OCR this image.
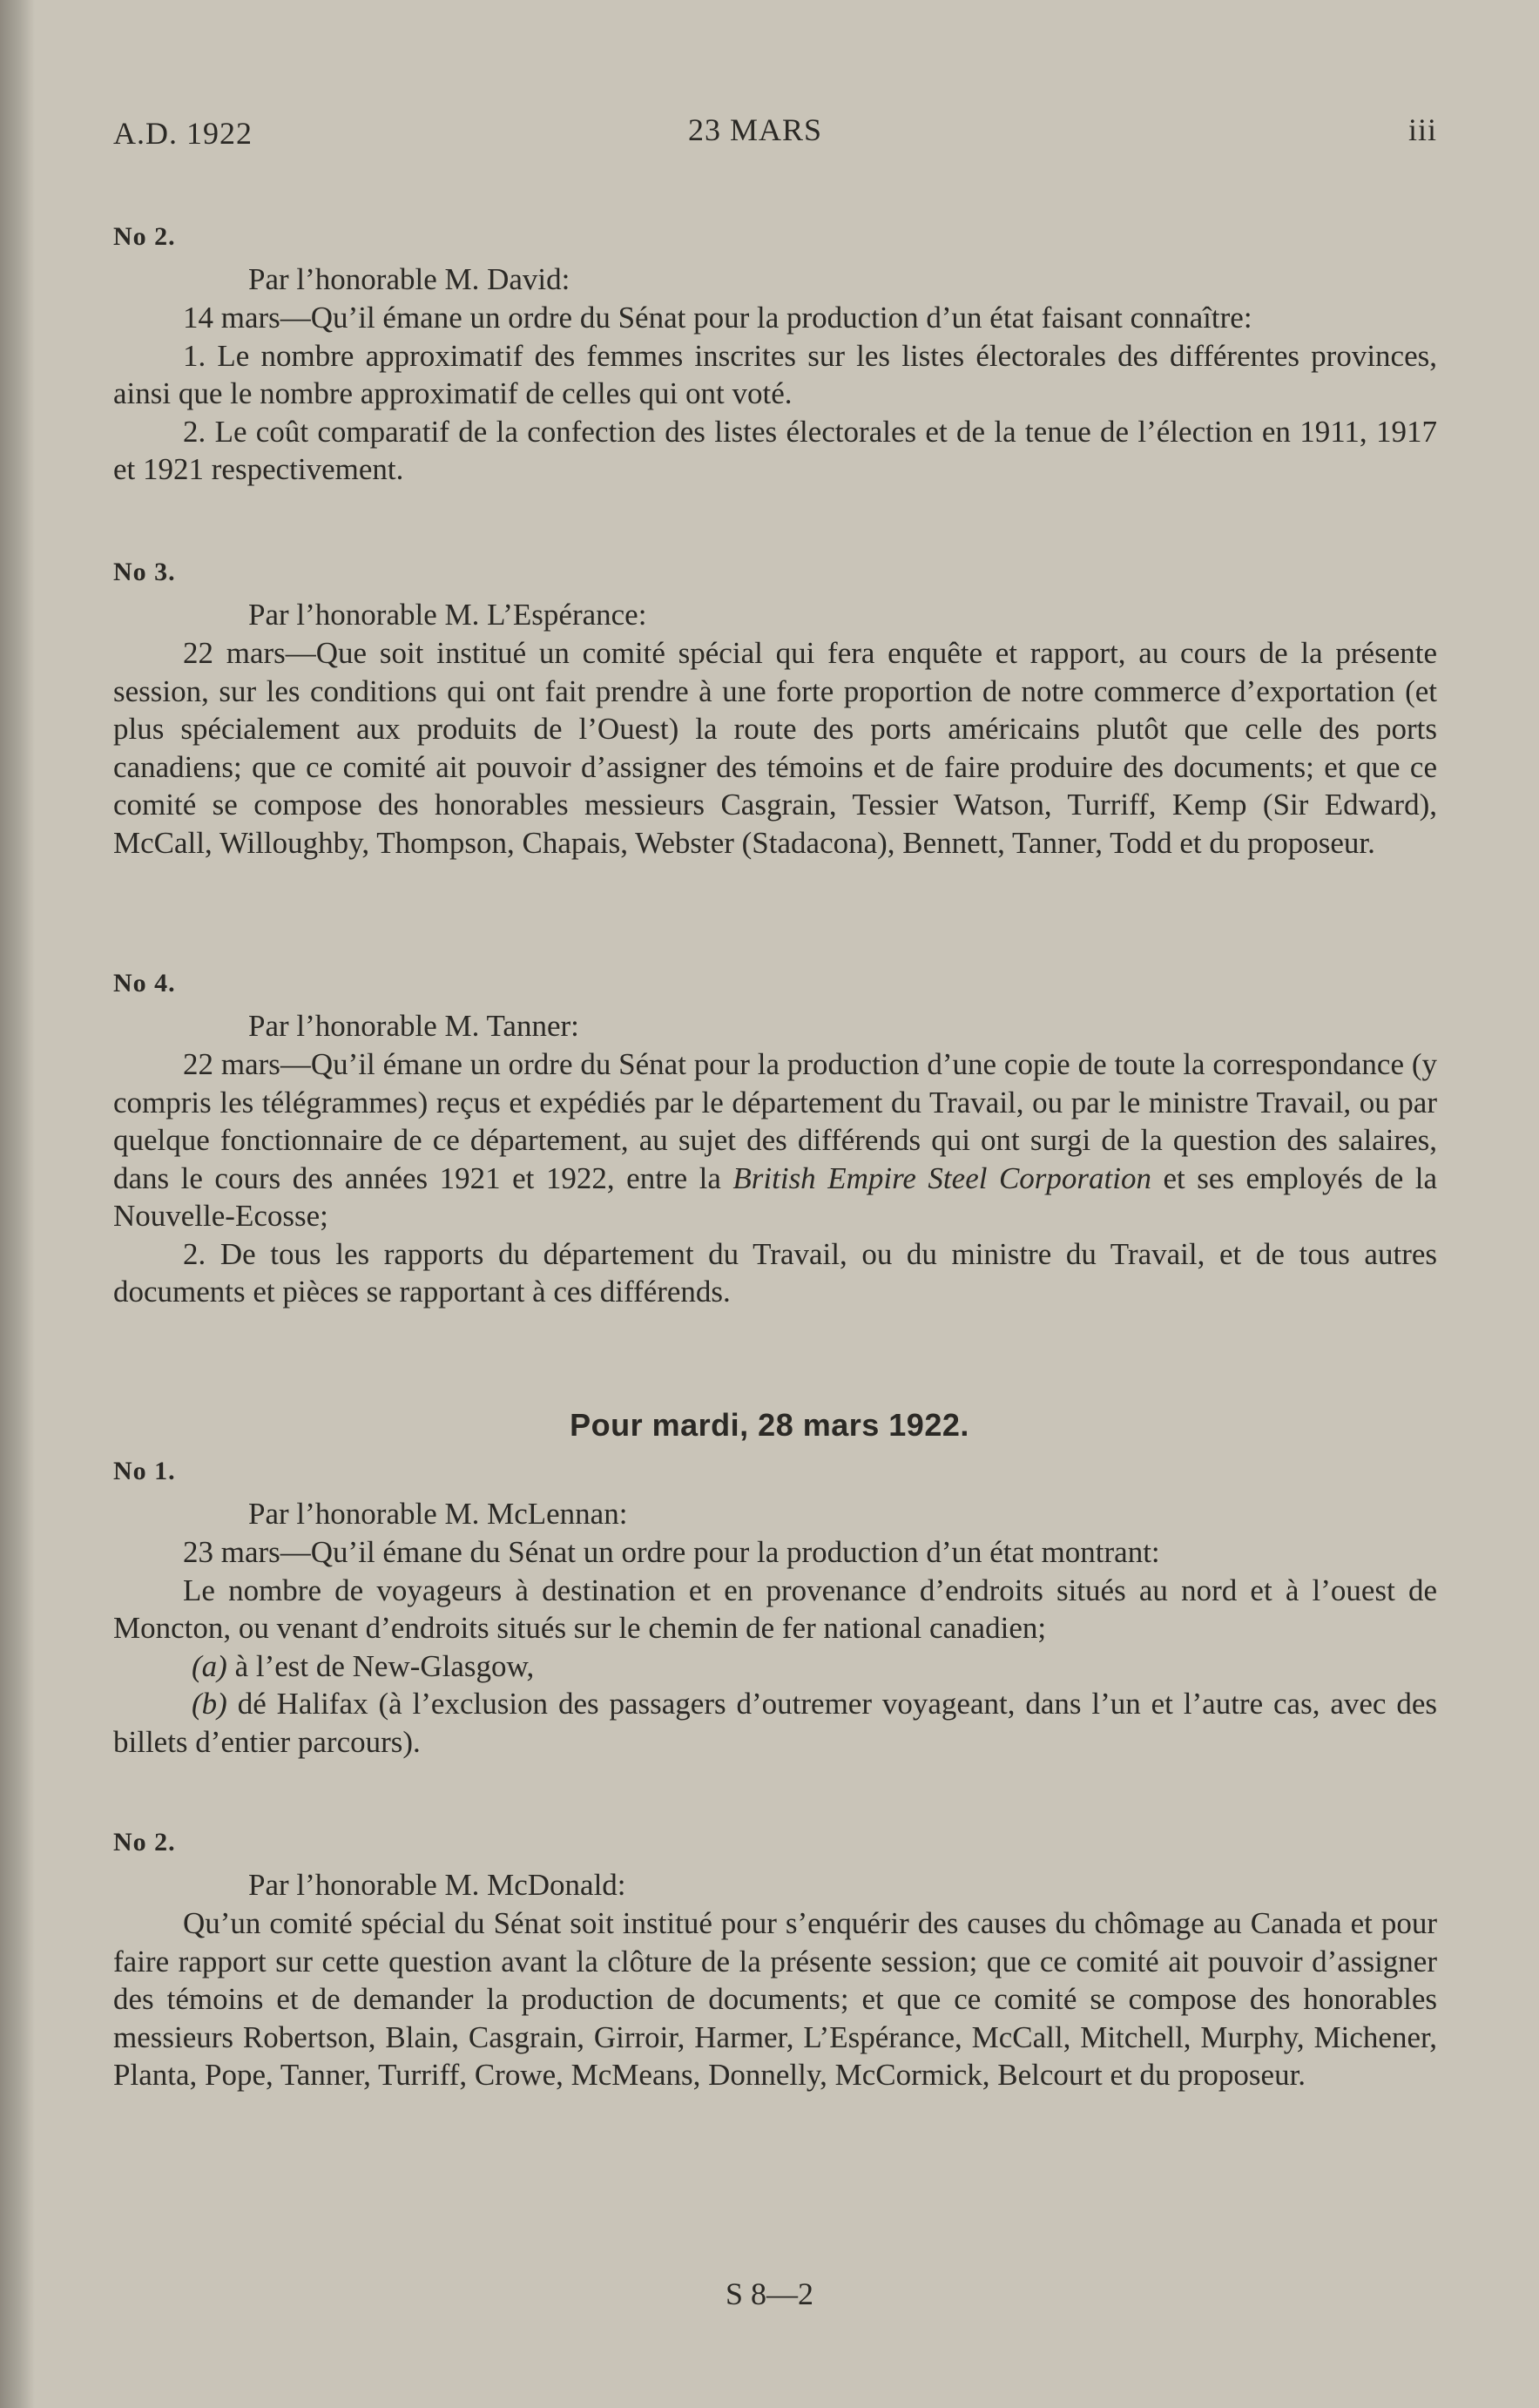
A.D. 1922	23 MARS	iii
No 2.
Par l’honorable M. David:

14 mars—Qu’il émane un ordre du Sénat pour la production d’un état faisant connaître:

1. Le nombre approximatif des femmes inscrites sur les listes électorales des différentes provinces, ainsi que le nombre approximatif de celles qui ont voté.

2. Le coût comparatif de la confection des listes électorales et de la tenue de l’élection en 1911, 1917 et 1921 respectivement.

No 3.
Par l’honorable M. L’Espérance:

22 mars—Que soit institué un comité spécial qui fera enquête et rapport, au cours de la présente session, sur les conditions qui ont fait prendre à une forte proportion de notre commerce d’exportation (et plus spécialement aux produits de l’Ouest) la route des ports américains plutôt que celle des ports canadiens; que ce comité ait pouvoir d’assigner des témoins et de faire produire des documents; et que ce comité se compose des honorables messieurs Casgrain, Tessier Watson, Turriff, Kemp (Sir Edward), McCall, Willoughby, Thompson, Chapais, Webster (Stadacona), Bennett, Tanner, Todd et du proposeur.

No 4.
Par l’honorable M. Tanner:

22 mars—Qu’il émane un ordre du Sénat pour la production d’une copie de toute la correspondance (y compris les télégrammes) reçus et expédiés par le département du Travail, ou par le ministre Travail, ou par quelque fonctionnaire de ce département, au sujet des différends qui ont surgi de la question des salaires, dans le cours des années 1921 et 1922, entre la British Empire Steel Corporation et ses employés de la Nouvelle-Ecosse;

2. De tous les rapports du département du Travail, ou du ministre du Travail, et de tous autres documents et pièces se rapportant à ces différends.

Pour mardi, 28 mars 1922.
No 1.
Par l’honorable M. McLennan:

23 mars—Qu’il émane du Sénat un ordre pour la production d’un état montrant:

Le nombre de voyageurs à destination et en provenance d’endroits situés au nord et à l’ouest de Moncton, ou venant d’endroits situés sur le chemin de fer national canadien;

(a) à l’est de New-Glasgow,

(b) dé Halifax (à l’exclusion des passagers d’outremer voyageant, dans l’un et l’autre cas, avec des billets d’entier parcours).

No 2.
Par l’honorable M. McDonald:

Qu’un comité spécial du Sénat soit institué pour s’enquérir des causes du chômage au Canada et pour faire rapport sur cette question avant la clôture de la présente session; que ce comité ait pouvoir d’assigner des témoins et de demander la production de documents; et que ce comité se compose des honorables messieurs Robertson, Blain, Casgrain, Girroir, Harmer, L’Espérance, McCall, Mitchell, Murphy, Michener, Planta, Pope, Tanner, Turriff, Crowe, McMeans, Donnelly, McCormick, Belcourt et du proposeur.

S 8—2
